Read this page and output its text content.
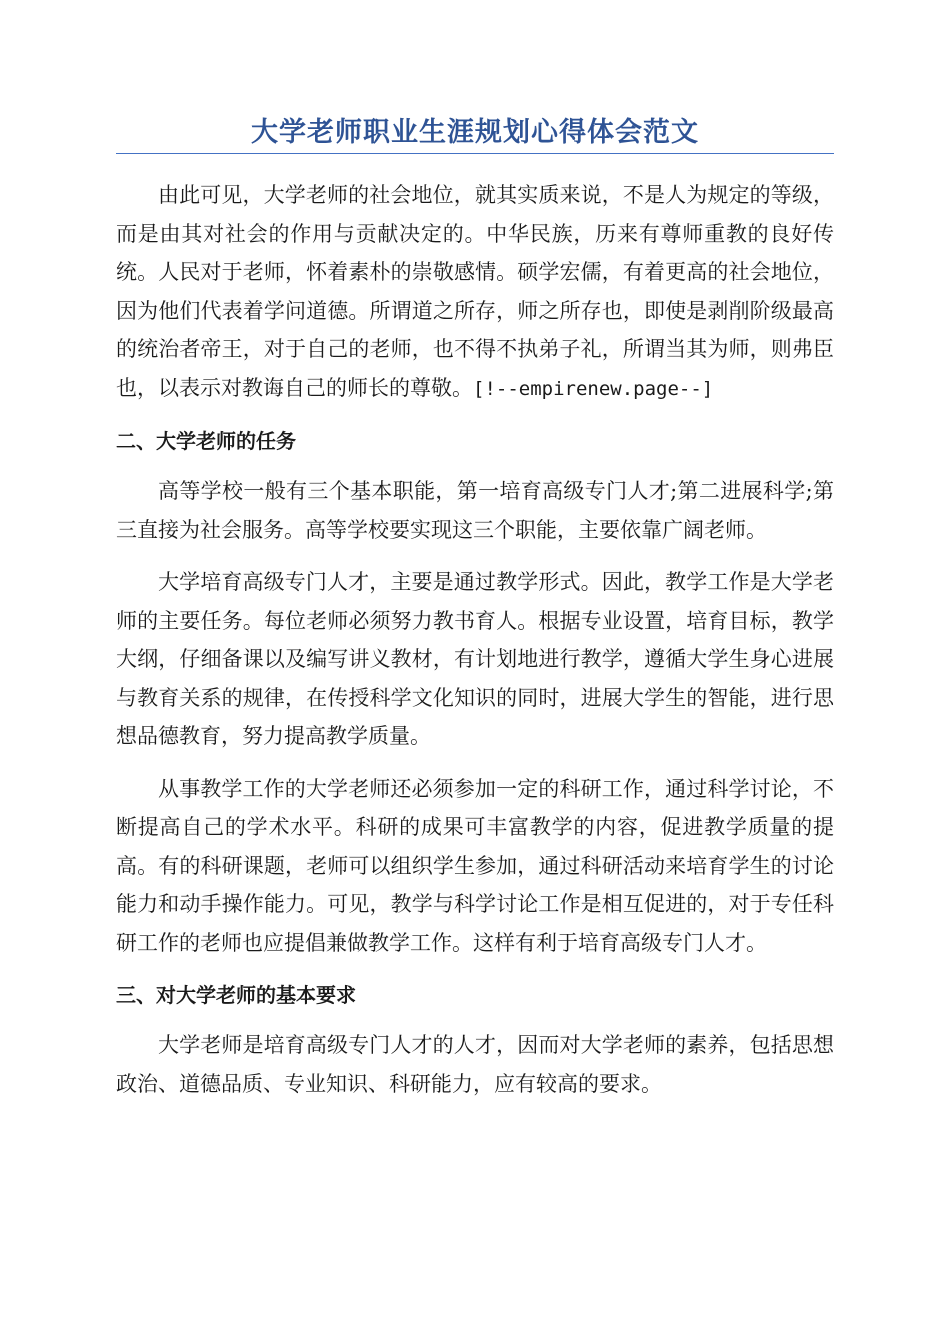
大学老师职业生涯规划心得体会范文

由此可见，大学老师的社会地位，就其实质来说，不是人为规定的等级，而是由其对社会的作用与贡献决定的。中华民族，历来有尊师重教的良好传统。人民对于老师，怀着素朴的崇敬感情。硕学宏儒，有着更高的社会地位，因为他们代表着学问道德。所谓道之所存，师之所存也，即使是剥削阶级最高的统治者帝王，对于自己的老师，也不得不执弟子礼，所谓当其为师，则弗臣也，以表示对教诲自己的师长的尊敬。[!--empirenew.page--]

二、大学老师的任务

高等学校一般有三个基本职能，第一培育高级专门人才;第二进展科学;第三直接为社会服务。高等学校要实现这三个职能，主要依靠广阔老师。

大学培育高级专门人才，主要是通过教学形式。因此，教学工作是大学老师的主要任务。每位老师必须努力教书育人。根据专业设置，培育目标，教学大纲，仔细备课以及编写讲义教材，有计划地进行教学，遵循大学生身心进展与教育关系的规律，在传授科学文化知识的同时，进展大学生的智能，进行思想品德教育，努力提高教学质量。

从事教学工作的大学老师还必须参加一定的科研工作，通过科学讨论，不断提高自己的学术水平。科研的成果可丰富教学的内容，促进教学质量的提高。有的科研课题，老师可以组织学生参加，通过科研活动来培育学生的讨论能力和动手操作能力。可见，教学与科学讨论工作是相互促进的，对于专任科研工作的老师也应提倡兼做教学工作。这样有利于培育高级专门人才。

三、对大学老师的基本要求

大学老师是培育高级专门人才的人才，因而对大学老师的素养，包括思想政治、道德品质、专业知识、科研能力，应有较高的要求。
